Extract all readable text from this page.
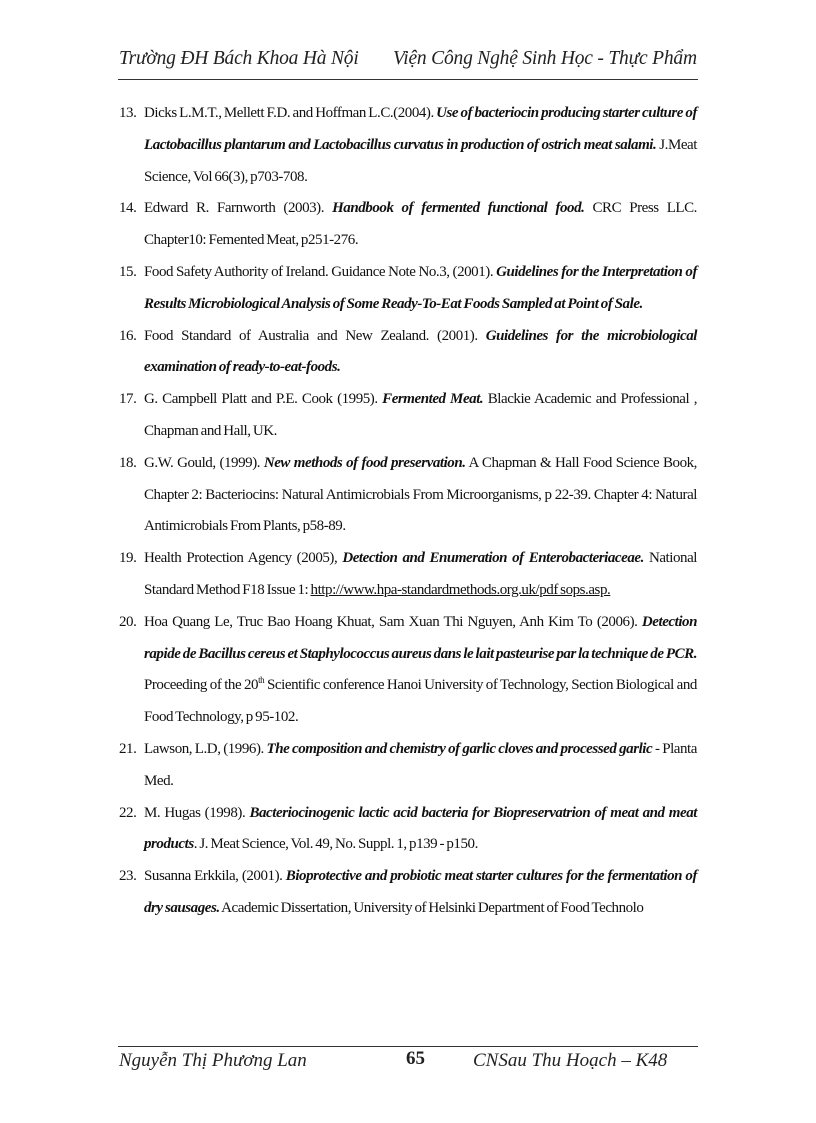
Trường ĐH Bách Khoa Hà Nội Viện Công Nghệ Sinh Học - Thực Phẩm
13. Dicks L.M.T., Mellett F.D. and Hoffman L.C.(2004). Use of bacteriocin producing starter culture of Lactobacillus plantarum and Lactobacillus curvatus in production of ostrich meat salami. J.Meat Science, Vol 66(3), p703-708.
14. Edward R. Farnworth (2003). Handbook of fermented functional food. CRC Press LLC. Chapter10: Femented Meat, p251-276.
15. Food Safety Authority of Ireland. Guidance Note No.3, (2001). Guidelines for the Interpretation of Results Microbiological Analysis of Some Ready-To-Eat Foods Sampled at Point of Sale.
16. Food Standard of Australia and New Zealand. (2001). Guidelines for the microbiological examination of ready-to-eat-foods.
17. G. Campbell Platt and P.E. Cook (1995). Fermented Meat. Blackie Academic and Professional , Chapman and Hall, UK.
18. G.W. Gould, (1999). New methods of food preservation. A Chapman & Hall Food Science Book, Chapter 2: Bacteriocins: Natural Antimicrobials From Microorganisms, p 22-39. Chapter 4: Natural Antimicrobials From Plants, p58-89.
19. Health Protection Agency (2005), Detection and Enumeration of Enterobacteriaceae. National Standard Method F18 Issue 1: http://www.hpa-standardmethods.org.uk/pdf sops.asp.
20. Hoa Quang Le, Truc Bao Hoang Khuat, Sam Xuan Thi Nguyen, Anh Kim To (2006). Detection rapide de Bacillus cereus et Staphylococcus aureus dans le lait pasteurise par la technique de PCR. Proceeding of the 20th Scientific conference Hanoi University of Technology, Section Biological and Food Technology, p 95-102.
21. Lawson, L.D, (1996). The composition and chemistry of garlic cloves and processed garlic - Planta Med.
22. M. Hugas (1998). Bacteriocinogenic lactic acid bacteria for Biopreservatrion of meat and meat products. J. Meat Science, Vol. 49, No. Suppl. 1, p139 - p150.
23. Susanna Erkkila, (2001). Bioprotective and probiotic meat starter cultures for the fermentation of dry sausages. Academic Dissertation, University of Helsinki Department of Food Technolo
Nguyễn Thị Phương Lan	65	CNSau Thu Hoạch – K48
